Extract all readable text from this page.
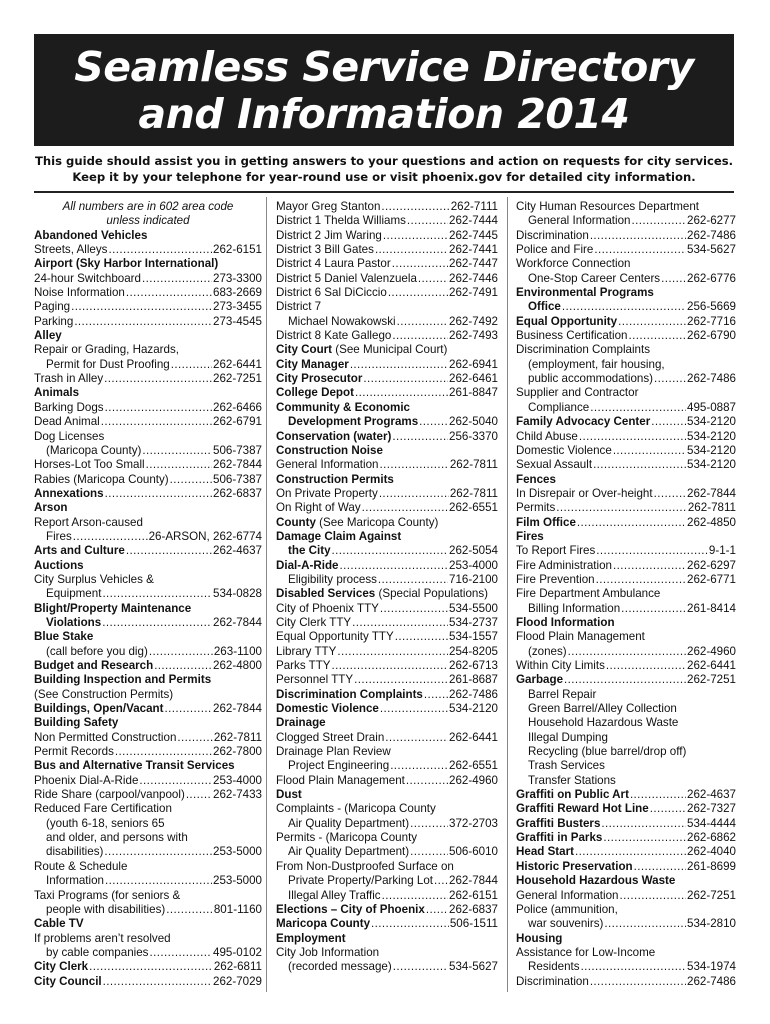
Seamless Service Directory
and Information 2014
This guide should assist you in getting answers to your questions and action on requests for city services.
Keep it by your telephone for year-round use or visit phoenix.gov for detailed city information.
All numbers are in 602 area code
unless indicated
Abandoned Vehicles
Streets, Alleys .....	262-6151
Airport (Sky Harbor International)
24-hour Switchboard .....	273-3300
Noise Information .....	683-2669
Paging .....	273-3455
Parking .....	273-4545
Alley
Repair or Grading, Hazards,
Permit for Dust Proofing .....	262-6441
Trash in Alley .....	262-7251
Animals
Barking Dogs .....	262-6466
Dead Animal .....	262-6791
Dog Licenses
(Maricopa County) .....	506-7387
Horses-Lot Too Small .....	262-7844
Rabies (Maricopa County) .....	506-7387
Annexations .....	262-6837
Arson
Report Arson-caused
Fires .....	26-ARSON, 262-6774
Arts and Culture .....	262-4637
Auctions
City Surplus Vehicles &
Equipment .....	534-0828
Blight/Property Maintenance
Violations .....	262-7844
Blue Stake
(call before you dig) .....	263-1100
Budget and Research .....	262-4800
Building Inspection and Permits
(See Construction Permits)
Buildings, Open/Vacant .....	262-7844
Building Safety
Non Permitted Construction .....	262-7811
Permit Records .....	262-7800
Bus and Alternative Transit Services
Phoenix Dial-A-Ride .....	253-4000
Ride Share (carpool/vanpool) ..... 262-7433
Reduced Fare Certification
(youth 6-18, seniors 65
and older, and persons with
disabilities) .....	253-5000
Route & Schedule
Information .....	253-5000
Taxi Programs (for seniors &
people with disabilities) .....	801-1160
Cable TV
If problems aren’t resolved
by cable companies .....	495-0102
City Clerk .....	262-6811
City Council .....	262-7029
Mayor Greg Stanton .....	262-7111
District 1 Thelda Williams .....	262-7444
District 2 Jim Waring .....	262-7445
District 3 Bill Gates .....	262-7441
District 4 Laura Pastor .....	262-7447
District 5 Daniel Valenzuela .....	262-7446
District 6 Sal DiCiccio .....	262-7491
District 7
Michael Nowakowski .....	262-7492
District 8 Kate Gallego .....	262-7493
City Court (See Municipal Court)
City Manager .....	262-6941
City Prosecutor .....	262-6461
College Depot .....	261-8847
Community & Economic
Development Programs .....	262-5040
Conservation (water) .....	256-3370
Construction Noise
General Information .....	262-7811
Construction Permits
On Private Property .....	262-7811
On Right of Way .....	262-6551
County (See Maricopa County)
Damage Claim Against
the City .....	262-5054
Dial-A-Ride .....	253-4000
Eligibility process .....	716-2100
Disabled Services (Special Populations)
City of Phoenix TTY .....	534-5500
City Clerk TTY .....	534-2737
Equal Opportunity TTY .....	534-1557
Library TTY .....	254-8205
Parks TTY .....	262-6713
Personnel TTY .....	261-8687
Discrimination Complaints ..... 262-7486
Domestic Violence .....	534-2120
Drainage
Clogged Street Drain .....	262-6441
Drainage Plan Review
Project Engineering .....	262-6551
Flood Plain Management .....	262-4960
Dust
Complaints - (Maricopa County
Air Quality Department) .....	372-2703
Permits - (Maricopa County
Air Quality Department) .....	506-6010
From Non-Dustproofed Surface on
Private Property/Parking Lot ..... 262-7844
Illegal Alley Traffic .....	262-6151
Elections – City of Phoenix ..... 262-6837
Maricopa County .....	506-1511
Employment
City Job Information
(recorded message) .....	534-5627
City Human Resources Department
General Information .....	262-6277
Discrimination .....	262-7486
Police and Fire .....	534-5627
Workforce Connection
One-Stop Career Centers ..... 262-6776
Environmental Programs
Office .....	256-5669
Equal Opportunity .....	262-7716
Business Certification .....	262-6790
Discrimination Complaints
(employment, fair housing,
public accommodations) .....	262-7486
Supplier and Contractor
Compliance .....	495-0887
Family Advocacy Center .....	534-2120
Child Abuse .....	534-2120
Domestic Violence .....	534-2120
Sexual Assault .....	534-2120
Fences
In Disrepair or Over-height .....	262-7844
Permits .....	262-7811
Film Office .....	262-4850
Fires
To Report Fires .....	9-1-1
Fire Administration .....	262-6297
Fire Prevention .....	262-6771
Fire Department Ambulance
Billing Information .....	261-8414
Flood Information
Flood Plain Management
(zones) .....	262-4960
Within City Limits .....	262-6441
Garbage .....	262-7251
Barrel Repair
Green Barrel/Alley Collection
Household Hazardous Waste
Illegal Dumping
Recycling (blue barrel/drop off)
Trash Services
Transfer Stations
Graffiti on Public Art .....	262-4637
Graffiti Reward Hot Line .....	262-7327
Graffiti Busters .....	534-4444
Graffiti in Parks .....	262-6862
Head Start .....	262-4040
Historic Preservation .....	261-8699
Household Hazardous Waste
General Information .....	262-7251
Police (ammunition,
war souvenirs) .....	534-2810
Housing
Assistance for Low-Income
Residents .....	534-1974
Discrimination .....	262-7486
